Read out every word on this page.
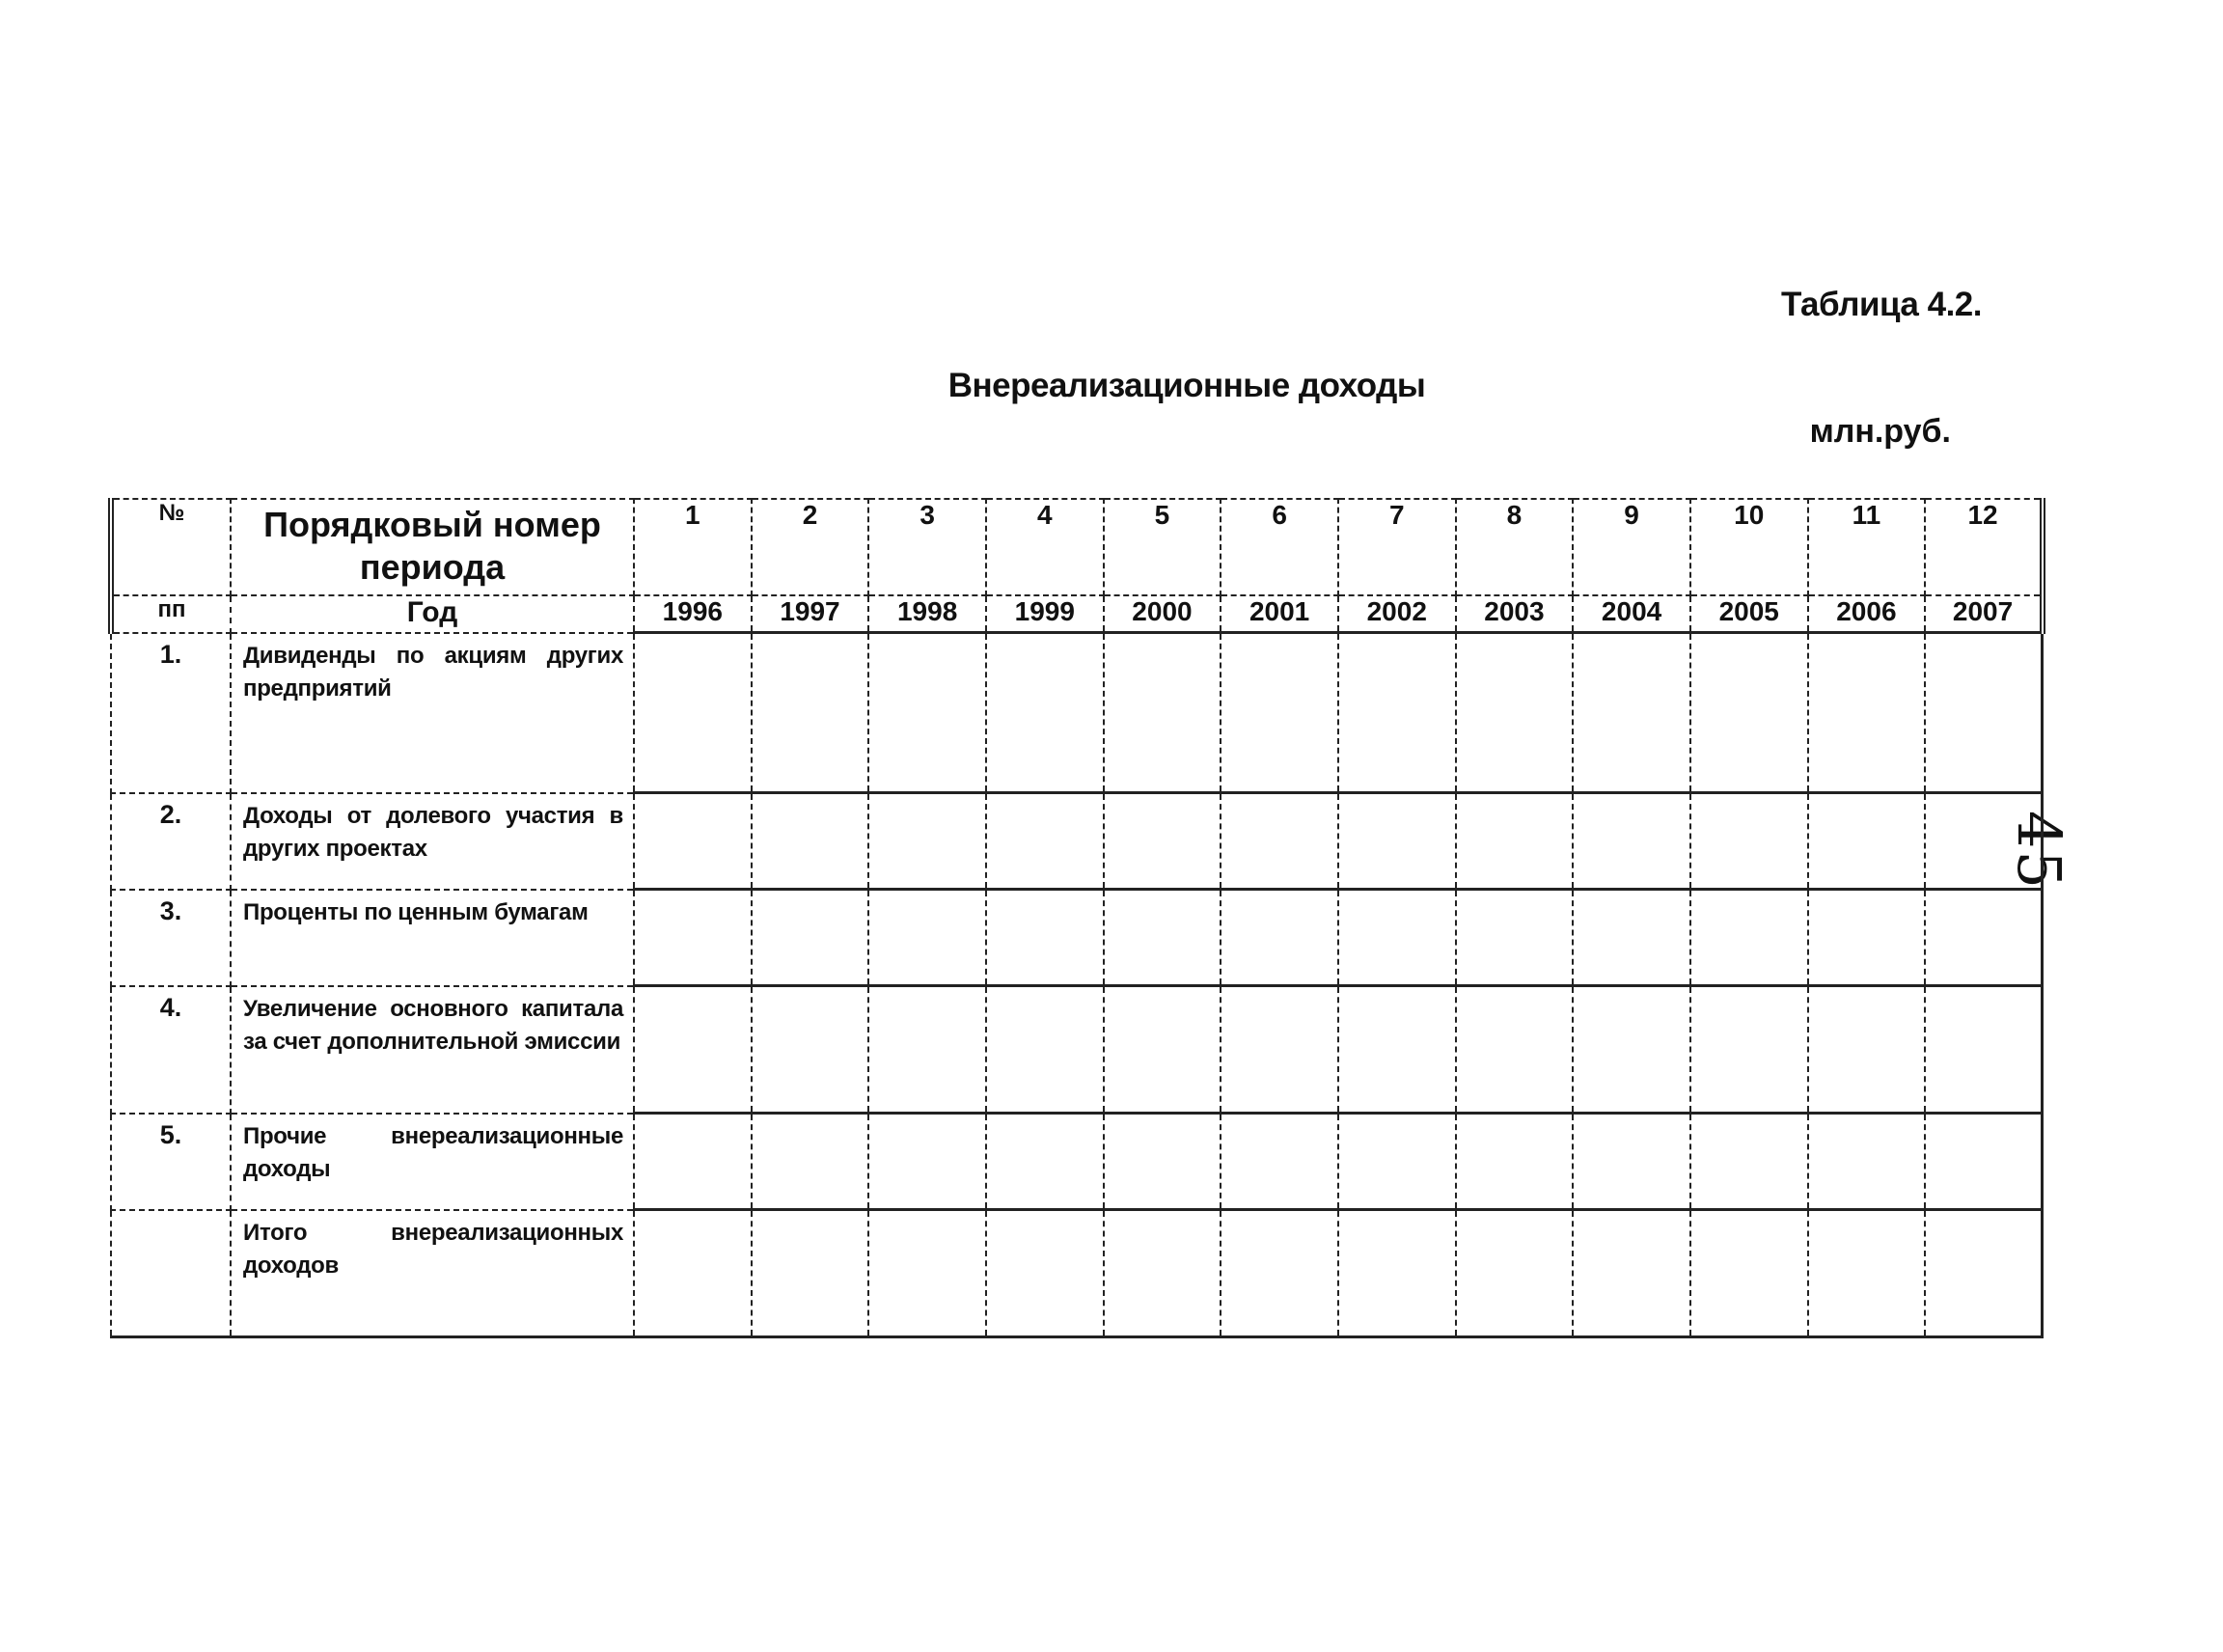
Таблица 4.2.
Внереализационные доходы
млн.руб.
45
№	Порядковый номер периода	1	2	3	4	5	6	7	8	9	10	11	12
пп	Год	1996	1997	1998	1999	2000	2001	2002	2003	2004	2005	2006	2007
1.	Дивиденды по акциям других предприятий												
2.	Доходы от долевого участия в других проектах												
3.	Проценты по ценным бумагам												
4.	Увеличение основного капитала за счет дополнительной эмиссии												
5.	Прочие внереализационные доходы												
	Итого внереализационных доходов												
